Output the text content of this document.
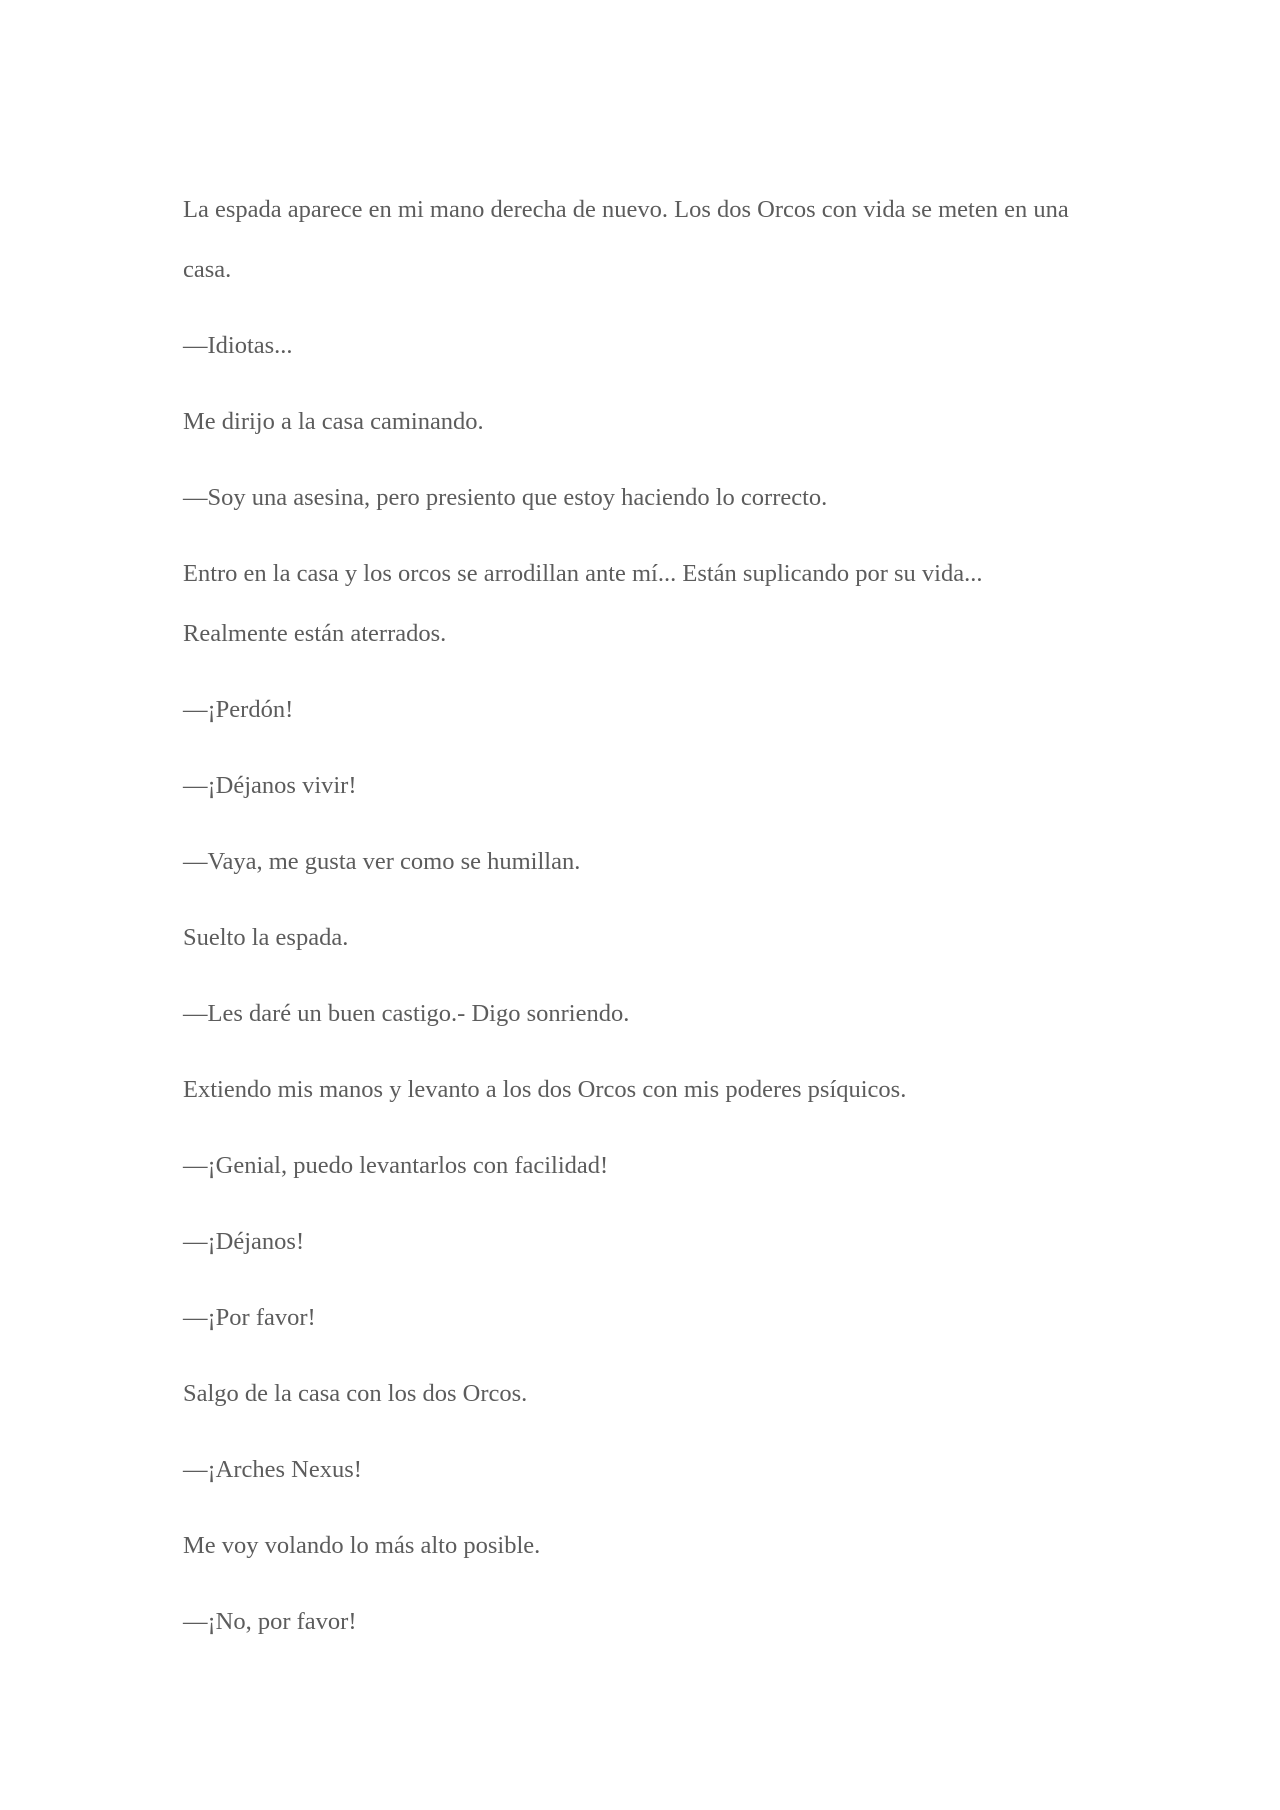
La espada aparece en mi mano derecha de nuevo. Los dos Orcos con vida se meten en una casa.

—Idiotas...

Me dirijo a la casa caminando.

—Soy una asesina, pero presiento que estoy haciendo lo correcto.

Entro en la casa y los orcos se arrodillan ante mí... Están suplicando por su vida... Realmente están aterrados.

—¡Perdón!

—¡Déjanos vivir!

—Vaya, me gusta ver como se humillan.

Suelto la espada.

—Les daré un buen castigo.- Digo sonriendo.

Extiendo mis manos y levanto a los dos Orcos con mis poderes psíquicos.

—¡Genial, puedo levantarlos con facilidad!

—¡Déjanos!

—¡Por favor!

Salgo de la casa con los dos Orcos.

—¡Arches Nexus!

Me voy volando lo más alto posible.

—¡No, por favor!
